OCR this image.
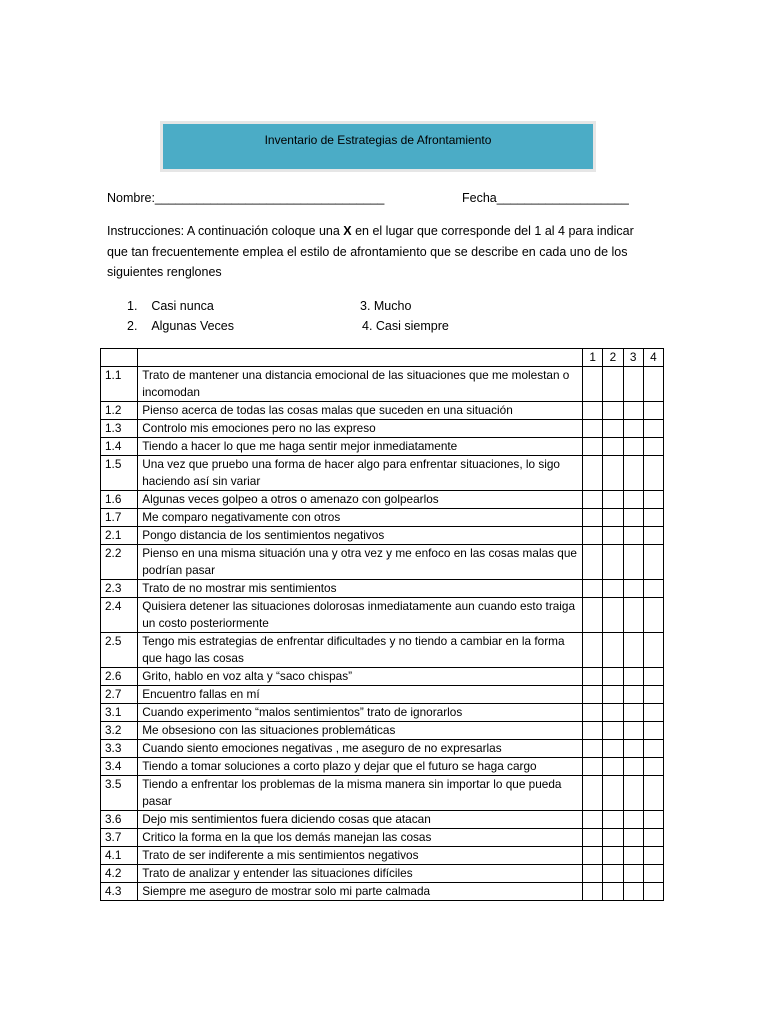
Inventario de Estrategias de Afrontamiento
Nombre:_________________________________	Fecha___________________
Instrucciones: A continuación coloque una X en el lugar que corresponde del 1 al 4 para indicar que tan frecuentemente emplea el estilo de afrontamiento que se describe en cada uno de los siguientes renglones
1.    Casi nunca
2.    Algunas Veces
3. Mucho
4. Casi siempre
		1	2	3	4
1.1	Trato de mantener una distancia emocional de las situaciones que me molestan o incomodan				
1.2	Pienso acerca de todas las cosas malas que suceden en una situación				
1.3	Controlo mis emociones pero no las expreso				
1.4	Tiendo a hacer lo que me haga sentir mejor inmediatamente				
1.5	Una vez que pruebo una forma de hacer algo para enfrentar situaciones, lo sigo haciendo así sin variar				
1.6	Algunas veces golpeo a otros o amenazo con golpearlos				
1.7	Me comparo negativamente con otros				
2.1	Pongo distancia de los sentimientos negativos				
2.2	Pienso en una misma situación una y otra vez y me enfoco en las cosas malas que podrían pasar				
2.3	Trato de no mostrar mis sentimientos				
2.4	Quisiera detener las situaciones dolorosas inmediatamente aun cuando esto traiga un costo posteriormente				
2.5	Tengo mis estrategias de enfrentar dificultades y no tiendo a cambiar en la forma que hago las cosas				
2.6	Grito, hablo en voz alta y “saco chispas”				
2.7	Encuentro fallas en mí				
3.1	Cuando experimento “malos sentimientos” trato de ignorarlos				
3.2	Me obsesiono con las situaciones problemáticas				
3.3	Cuando siento emociones negativas , me aseguro de no expresarlas				
3.4	Tiendo a tomar soluciones a corto plazo y dejar que el futuro se haga cargo				
3.5	Tiendo a enfrentar los problemas de la misma manera sin importar lo que pueda pasar				
3.6	Dejo mis sentimientos fuera diciendo cosas que atacan				
3.7	Critico la forma en la que los demás manejan las cosas				
4.1	Trato de ser indiferente a mis sentimientos negativos				
4.2	Trato de analizar y entender las situaciones difíciles				
4.3	Siempre me aseguro de mostrar solo mi parte calmada				
